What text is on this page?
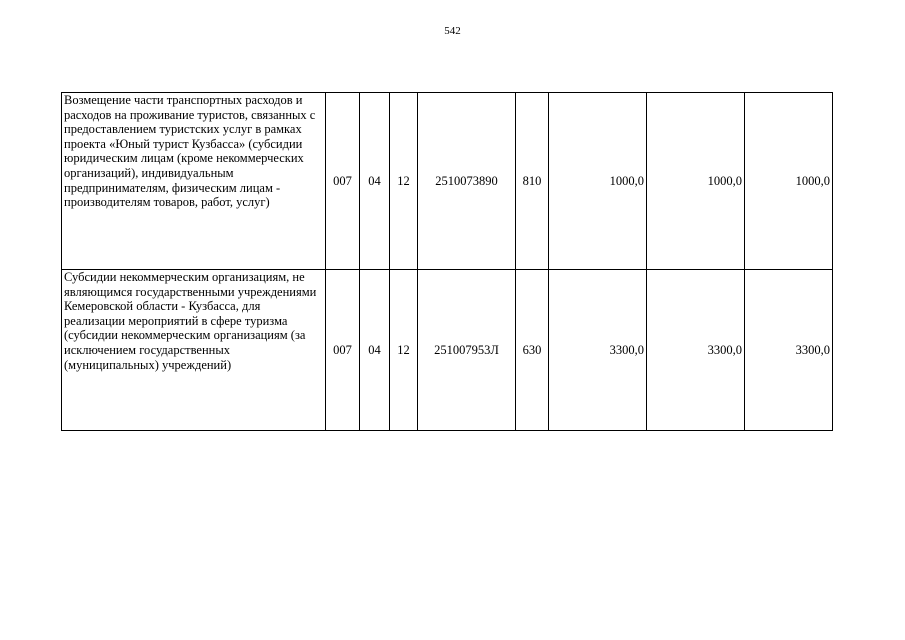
542
Возмещение части транспортных расходов и расходов на проживание туристов, связанных с предоставлением туристских услуг в рамках проекта «Юный турист Кузбасса» (субсидии юридическим лицам (кроме некоммерческих организаций), индивидуальным предпринимателям, физическим лицам - производителям товаров, работ, услуг)	007	04	12	2510073890	810	1000,0	1000,0	1000,0
Субсидии некоммерческим организациям, не являющимся государственными учреждениями Кемеровской области - Кузбасса, для реализации мероприятий в сфере туризма (субсидии некоммерческим организациям (за исключением государственных (муниципальных) учреждений)	007	04	12	251007953Л	630	3300,0	3300,0	3300,0
